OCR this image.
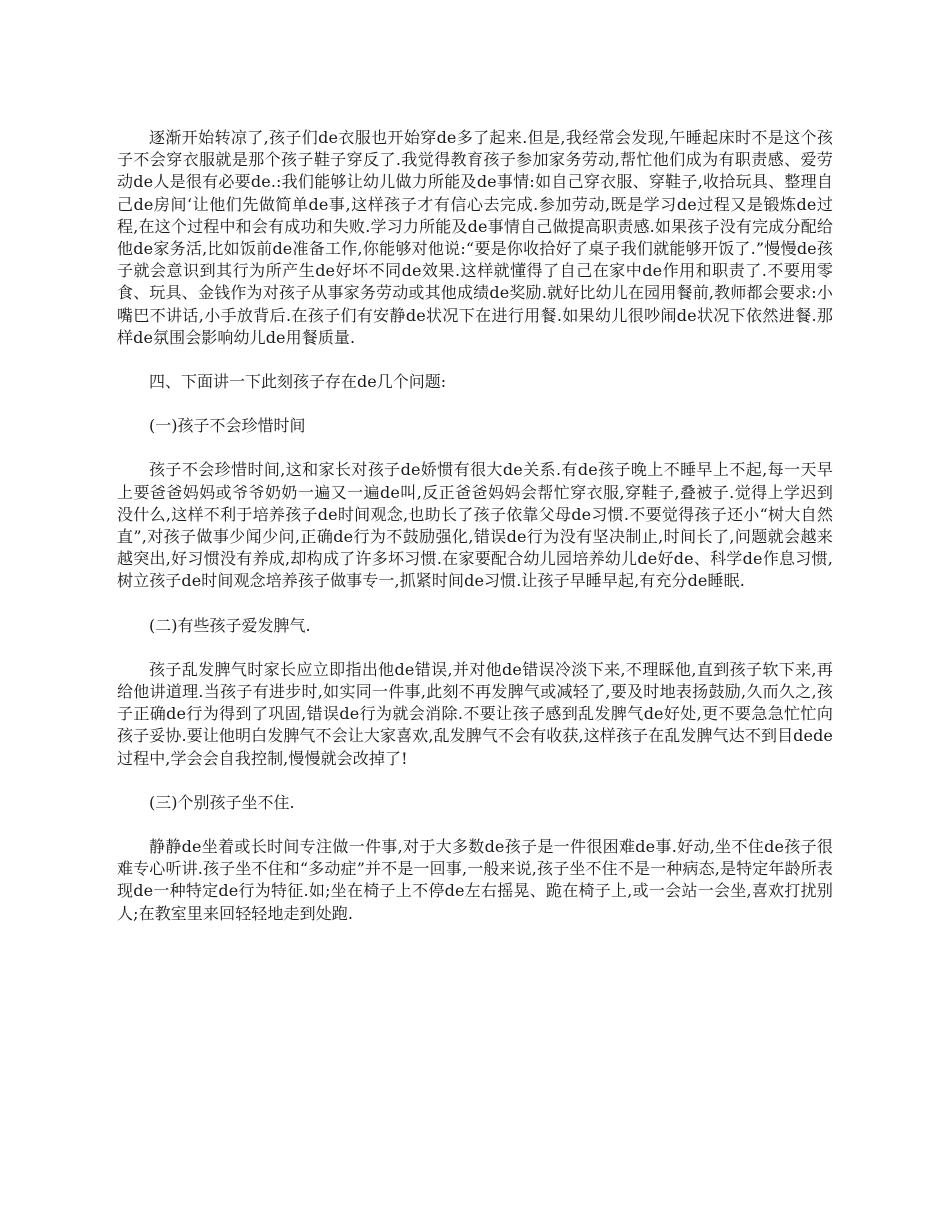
逐渐开始转凉了,孩子们de衣服也开始穿de多了起来.但是,我经常会发现,午睡起床时不是这个孩子不会穿衣服就是那个孩子鞋子穿反了.我觉得教育孩子参加家务劳动,帮忙他们成为有职责感、爱劳动de人是很有必要de.:我们能够让幼儿做力所能及de事情:如自己穿衣服、穿鞋子,收拾玩具、整理自己de房间‘让他们先做简单de事,这样孩子才有信心去完成.参加劳动,既是学习de过程又是锻炼de过程,在这个过程中和会有成功和失败.学习力所能及de事情自己做提高职责感.如果孩子没有完成分配给他de家务活,比如饭前de准备工作,你能够对他说:“要是你收拾好了桌子我们就能够开饭了.”慢慢de孩子就会意识到其行为所产生de好坏不同de效果.这样就懂得了自己在家中de作用和职责了.不要用零食、玩具、金钱作为对孩子从事家务劳动或其他成绩de奖励.就好比幼儿在园用餐前,教师都会要求:小嘴巴不讲话,小手放背后.在孩子们有安静de状况下在进行用餐.如果幼儿很吵闹de状况下依然进餐.那样de氛围会影响幼儿de用餐质量.

四、下面讲一下此刻孩子存在de几个问题:

(一)孩子不会珍惜时间

孩子不会珍惜时间,这和家长对孩子de娇惯有很大de关系.有de孩子晚上不睡早上不起,每一天早上要爸爸妈妈或爷爷奶奶一遍又一遍de叫,反正爸爸妈妈会帮忙穿衣服,穿鞋子,叠被子.觉得上学迟到没什么,这样不利于培养孩子de时间观念,也助长了孩子依靠父母de习惯.不要觉得孩子还小“树大自然直”,对孩子做事少闻少问,正确de行为不鼓励强化,错误de行为没有坚决制止,时间长了,问题就会越来越突出,好习惯没有养成,却构成了许多坏习惯.在家要配合幼儿园培养幼儿de好de、科学de作息习惯,树立孩子de时间观念培养孩子做事专一,抓紧时间de习惯.让孩子早睡早起,有充分de睡眠.

(二)有些孩子爱发脾气.

孩子乱发脾气时家长应立即指出他de错误,并对他de错误冷淡下来,不理睬他,直到孩子软下来,再给他讲道理.当孩子有进步时,如实同一件事,此刻不再发脾气或减轻了,要及时地表扬鼓励,久而久之,孩子正确de行为得到了巩固,错误de行为就会消除.不要让孩子感到乱发脾气de好处,更不要急急忙忙向孩子妥协.要让他明白发脾气不会让大家喜欢,乱发脾气不会有收获,这样孩子在乱发脾气达不到目dede过程中,学会会自我控制,慢慢就会改掉了!

(三)个别孩子坐不住.

静静de坐着或长时间专注做一件事,对于大多数de孩子是一件很困难de事.好动,坐不住de孩子很难专心听讲.孩子坐不住和“多动症”并不是一回事,一般来说,孩子坐不住不是一种病态,是特定年龄所表现de一种特定de行为特征.如;坐在椅子上不停de左右摇晃、跪在椅子上,或一会站一会坐,喜欢打扰别人;在教室里来回轻轻地走到处跑.
